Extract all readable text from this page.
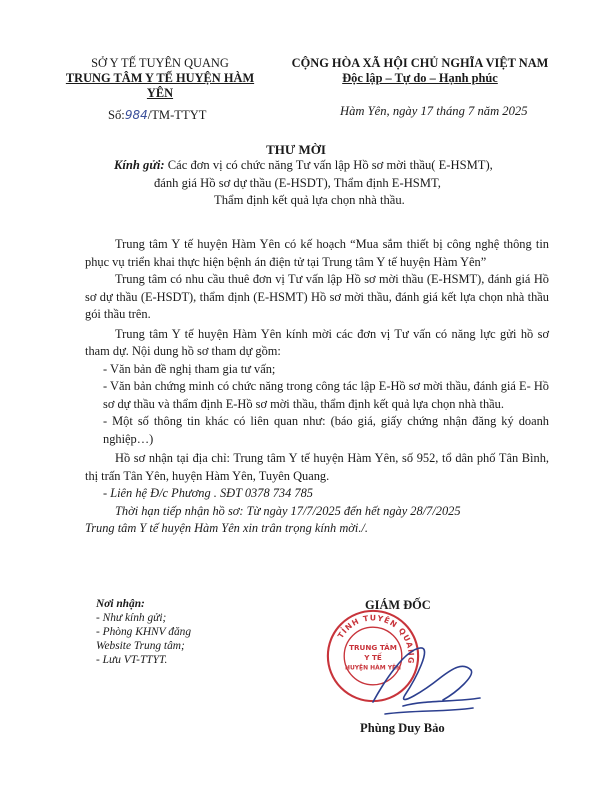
SỞ Y TẾ TUYÊN QUANG
TRUNG TÂM Y TẾ HUYỆN HÀM YÊN
CỘNG HÒA XÃ HỘI CHỦ NGHĨA VIỆT NAM
Độc lập – Tự do – Hạnh phúc
Số:984/TM-TTYT	Hàm Yên, ngày 17 tháng 7 năm 2025
THƯ MỜI
Kính gửi: Các đơn vị có chức năng Tư vấn lập Hồ sơ mời thầu( E-HSMT),
đánh giá Hồ sơ dự thầu (E-HSDT), Thẩm định E-HSMT,
Thẩm định kết quả lựa chọn nhà thầu.
Trung tâm Y tế huyện Hàm Yên có kế hoạch “Mua sắm thiết bị công nghệ thông tin phục vụ triển khai thực hiện bệnh án điện tử tại Trung tâm Y tế huyện Hàm Yên”
Trung tâm có nhu cầu thuê đơn vị Tư vấn lập Hồ sơ mời thầu (E-HSMT), đánh giá Hồ sơ dự thầu (E-HSDT), thẩm định (E-HSMT) Hồ sơ mời thầu, đánh giá kết lựa chọn nhà thầu gói thầu trên.
Trung tâm Y tế huyện Hàm Yên kính mời các đơn vị Tư vấn có năng lực gửi hồ sơ tham dự. Nội dung hồ sơ tham dự gồm:
- Văn bản đề nghị tham gia tư vấn;
- Văn bản chứng minh có chức năng trong công tác lập E-Hồ sơ mời thầu, đánh giá E- Hồ sơ dự thầu và thẩm định E-Hồ sơ mời thầu, thẩm định kết quả lựa chọn nhà thầu.
- Một số thông tin khác có liên quan như: (báo giá, giấy chứng nhận đăng ký doanh nghiệp…)
Hồ sơ nhận tại địa chỉ: Trung tâm Y tế huyện Hàm Yên, số 952, tổ dân phố Tân Bình, thị trấn Tân Yên, huyện Hàm Yên, Tuyên Quang.
- Liên hệ Đ/c Phương . SĐT 0378 734 785
Thời hạn tiếp nhận hồ sơ: Từ ngày 17/7/2025 đến hết ngày 28/7/2025
Trung tâm Y tế huyện Hàm Yên xin trân trọng kính mời./.
Nơi nhận:
- Như kính gửi;
- Phòng KHNV đăng
Website Trung tâm;
- Lưu VT-TTYT.
GIÁM ĐỐC
TỈNH TUYÊN QUANG
TRUNG TÂM
Y TẾ
HUYỆN HÀM YÊN
Phùng Duy Bảo
